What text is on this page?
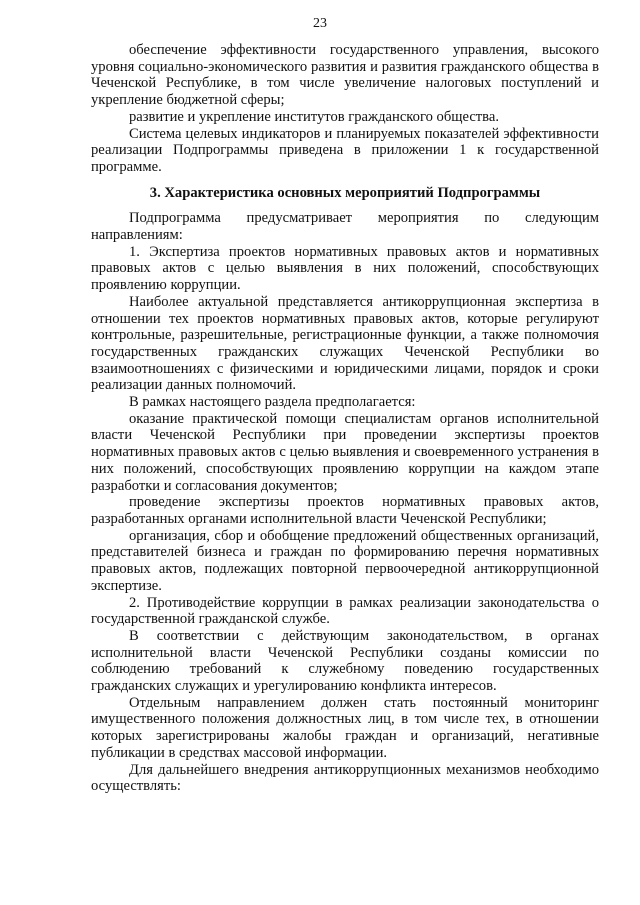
23

обеспечение эффективности государственного управления, высокого уровня социально-экономического развития и развития гражданского общества в Чеченской Республике, в том числе увеличение налоговых поступлений и укрепление бюджетной сферы;

развитие и укрепление институтов гражданского общества.

Система целевых индикаторов и планируемых показателей эффективности реализации Подпрограммы приведена в приложении 1 к государственной программе.

3. Характеристика основных мероприятий Подпрограммы

Подпрограмма предусматривает мероприятия по следующим направлениям:

1. Экспертиза проектов нормативных правовых актов и нормативных правовых актов с целью выявления в них положений, способствующих проявлению коррупции.

Наиболее актуальной представляется антикоррупционная экспертиза в отношении тех проектов нормативных правовых актов, которые регулируют контрольные, разрешительные, регистрационные функции, а также полномочия государственных гражданских служащих Чеченской Республики во взаимоотношениях с физическими и юридическими лицами, порядок и сроки реализации данных полномочий.

В рамках настоящего раздела предполагается:

оказание практической помощи специалистам органов исполнительной власти Чеченской Республики при проведении экспертизы проектов нормативных правовых актов с целью выявления и своевременного устранения в них положений, способствующих проявлению коррупции на каждом этапе разработки и согласования документов;

проведение экспертизы проектов нормативных правовых актов, разработанных органами исполнительной власти Чеченской Республики;

организация, сбор и обобщение предложений общественных организаций, представителей бизнеса и граждан по формированию перечня нормативных правовых актов, подлежащих повторной первоочередной антикоррупционной экспертизе.

2. Противодействие коррупции в рамках реализации законодательства о государственной гражданской службе.

В соответствии с действующим законодательством, в органах исполнительной власти Чеченской Республики созданы комиссии по соблюдению требований к служебному поведению государственных гражданских служащих и урегулированию конфликта интересов.

Отдельным направлением должен стать постоянный мониторинг имущественного положения должностных лиц, в том числе тех, в отношении которых зарегистрированы жалобы граждан и организаций, негативные публикации в средствах массовой информации.

Для дальнейшего внедрения антикоррупционных механизмов необходимо осуществлять:
